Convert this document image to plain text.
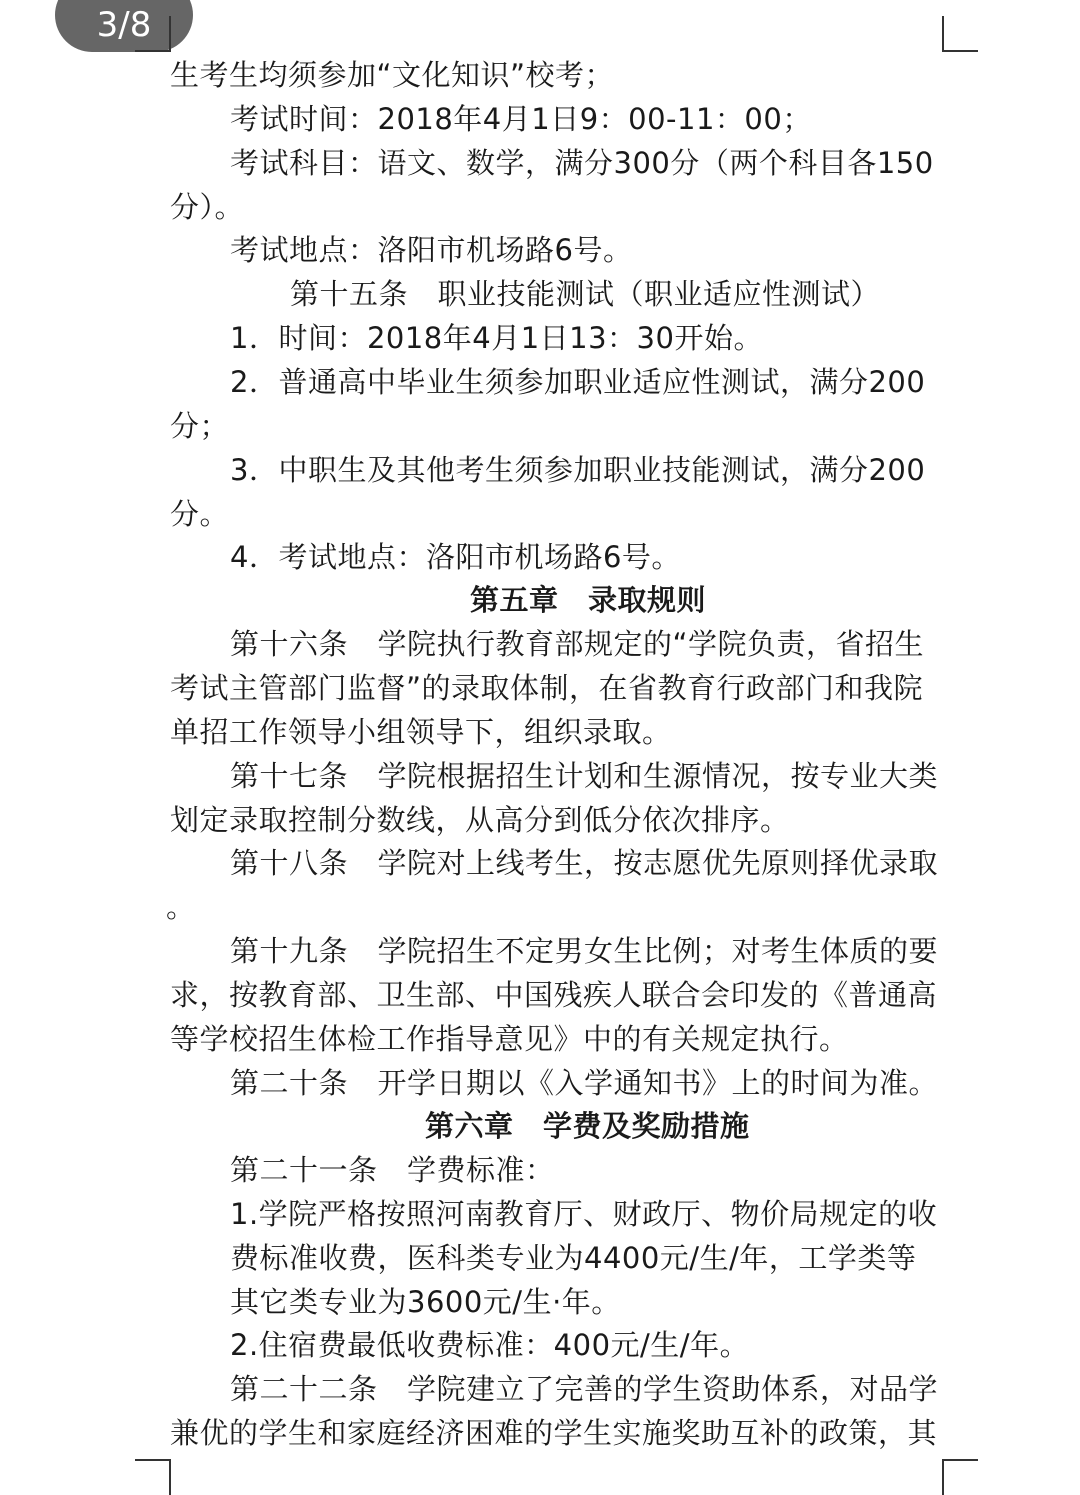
3/8
生考生均须参加“文化知识”校考；
考试时间：2018年4月1日9：00-11：00；
考试科目：语文、数学，满分300分（两个科目各150
分）。
考试地点：洛阳市机场路6号。
第十五条　职业技能测试（职业适应性测试）
1．时间：2018年4月1日13：30开始。
2．普通高中毕业生须参加职业适应性测试，满分200
分；
3．中职生及其他考生须参加职业技能测试，满分200
分。
4．考试地点：洛阳市机场路6号。
第五章　录取规则
第十六条　学院执行教育部规定的“学院负责，省招生
考试主管部门监督”的录取体制，在省教育行政部门和我院
单招工作领导小组领导下，组织录取。
第十七条　学院根据招生计划和生源情况，按专业大类
划定录取控制分数线，从高分到低分依次排序。
第十八条　学院对上线考生，按志愿优先原则择优录取
。
第十九条　学院招生不定男女生比例；对考生体质的要
求，按教育部、卫生部、中国残疾人联合会印发的《普通高
等学校招生体检工作指导意见》中的有关规定执行。
第二十条　开学日期以《入学通知书》上的时间为准。
第六章　学费及奖励措施
第二十一条　学费标准：
1.学院严格按照河南教育厅、财政厅、物价局规定的收
费标准收费，医科类专业为4400元/生/年，工学类等
其它类专业为3600元/生·年。
2.住宿费最低收费标准：400元/生/年。
第二十二条　学院建立了完善的学生资助体系，对品学
兼优的学生和家庭经济困难的学生实施奖助互补的政策，其
